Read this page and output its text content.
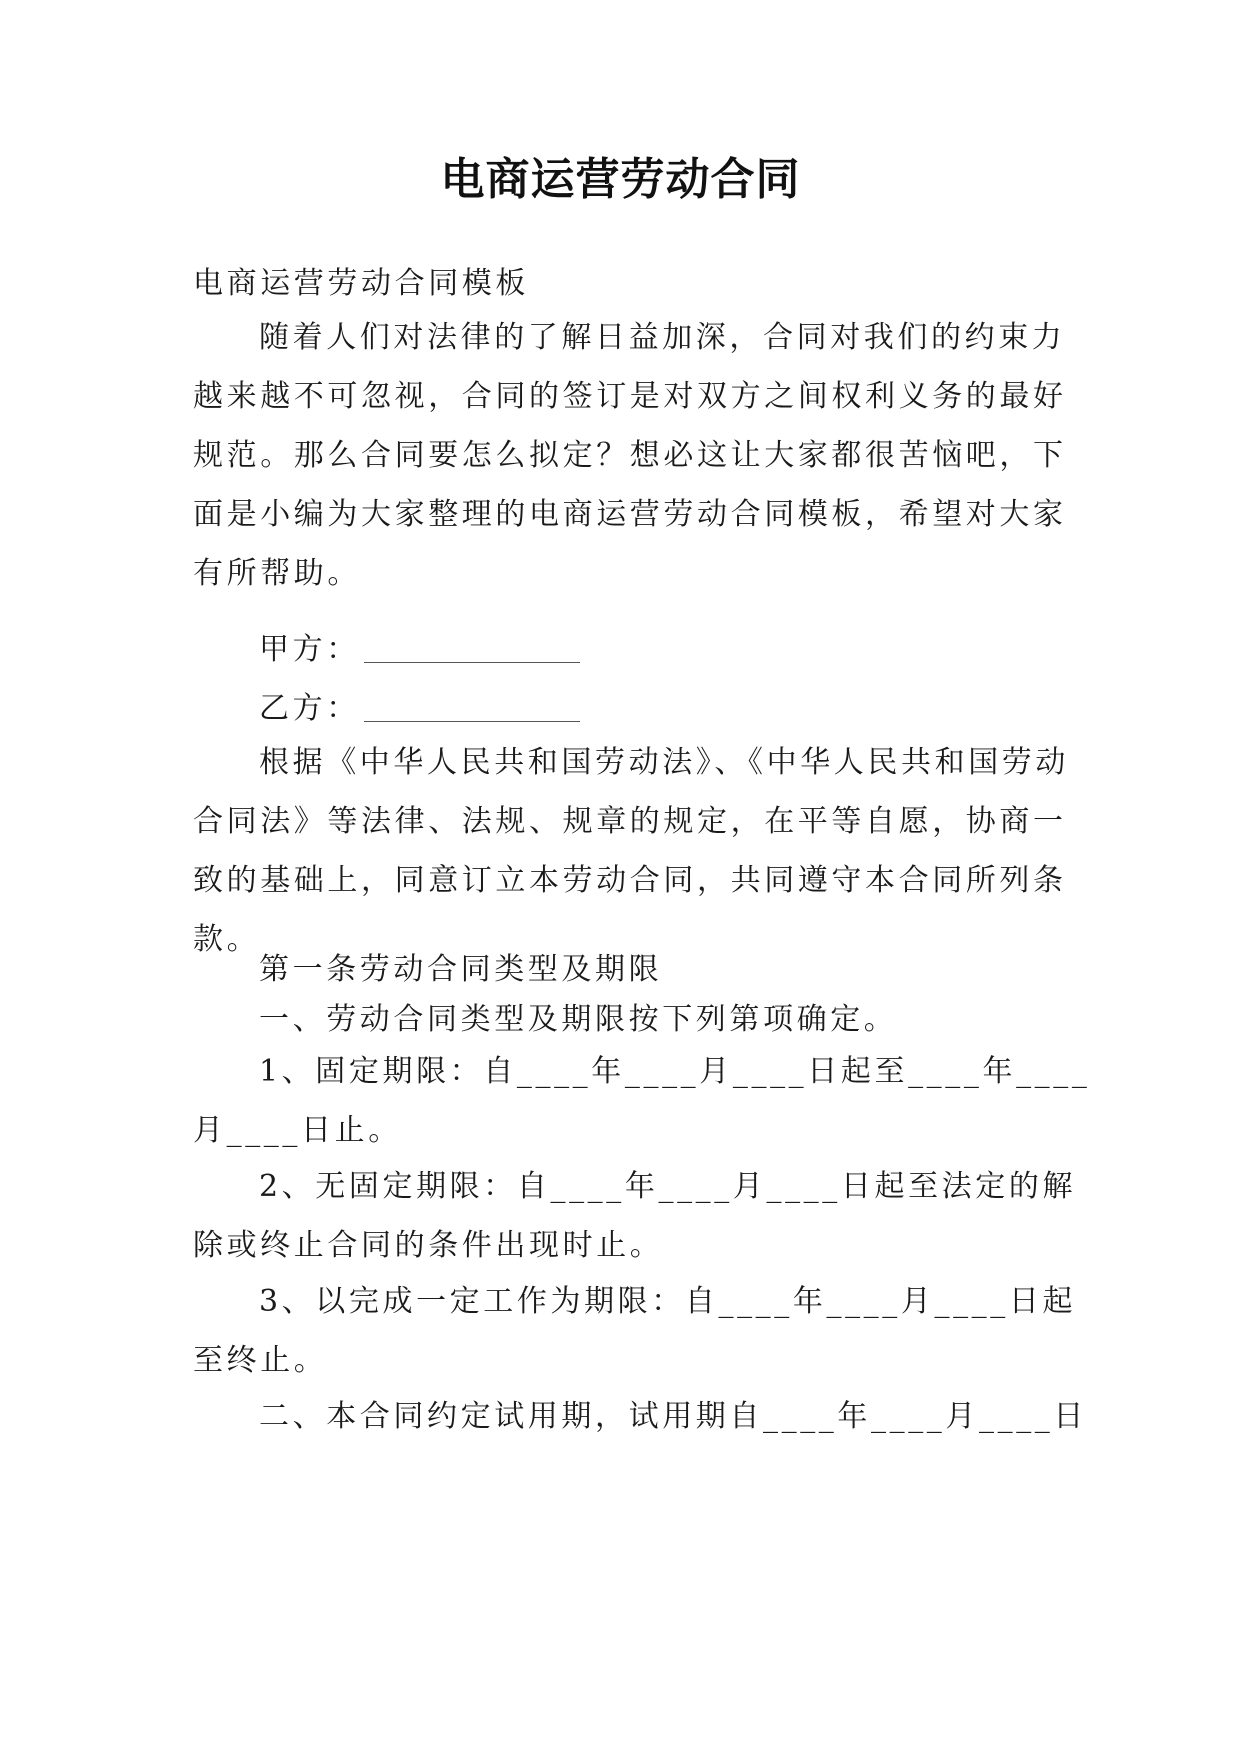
电商运营劳动合同

电商运营劳动合同模板

随着人们对法律的了解日益加深，合同对我们的约束力

越来越不可忽视，合同的签订是对双方之间权利义务的最好

规范。那么合同要怎么拟定？想必这让大家都很苦恼吧，下

面是小编为大家整理的电商运营劳动合同模板，希望对大家

有所帮助。

甲方：

乙方：

根据《中华人民共和国劳动法》、《中华人民共和国劳动

合同法》等法律、法规、规章的规定，在平等自愿，协商一

致的基础上，同意订立本劳动合同，共同遵守本合同所列条

款。

第一条劳动合同类型及期限

一、劳动合同类型及期限按下列第项确定。

1、固定期限：自____年____月____日起至____年____

月____日止。

2、无固定期限：自____年____月____日起至法定的解

除或终止合同的条件出现时止。

3、以完成一定工作为期限：自____年____月____日起

至终止。

二、本合同约定试用期，试用期自____年____月____日
